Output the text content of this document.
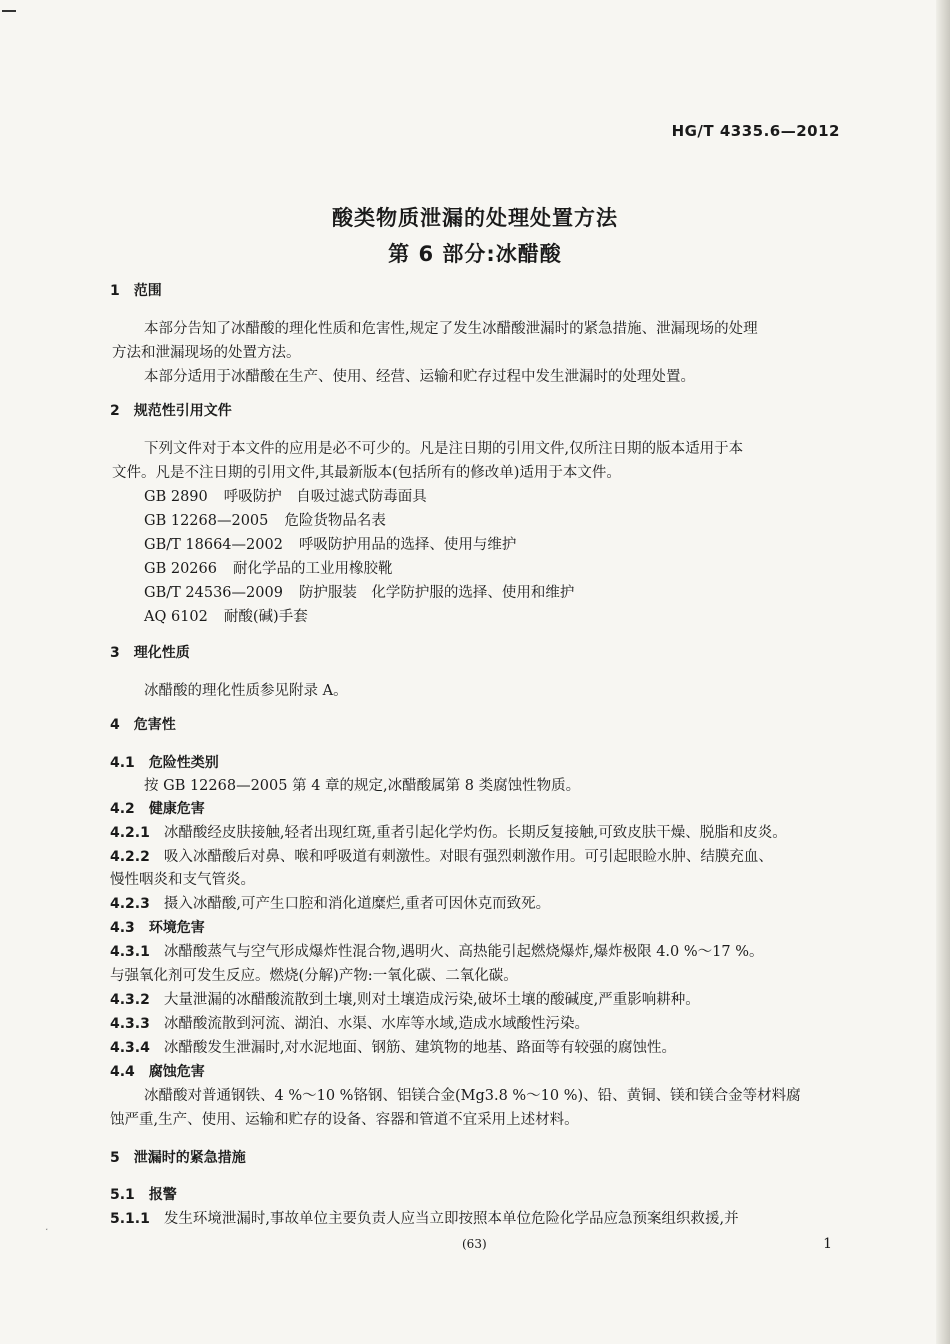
HG/T 4335.6—2012
酸类物质泄漏的处理处置方法
第 6 部分:冰醋酸
1 范围
本部分告知了冰醋酸的理化性质和危害性,规定了发生冰醋酸泄漏时的紧急措施、泄漏现场的处理
方法和泄漏现场的处置方法。
本部分适用于冰醋酸在生产、使用、经营、运输和贮存过程中发生泄漏时的处理处置。
2 规范性引用文件
下列文件对于本文件的应用是必不可少的。凡是注日期的引用文件,仅所注日期的版本适用于本
文件。凡是不注日期的引用文件,其最新版本(包括所有的修改单)适用于本文件。
GB 2890 呼吸防护　自吸过滤式防毒面具
GB 12268—2005 危险货物品名表
GB/T 18664—2002 呼吸防护用品的选择、使用与维护
GB 20266 耐化学品的工业用橡胶靴
GB/T 24536—2009 防护服装　化学防护服的选择、使用和维护
AQ 6102 耐酸(碱)手套
3 理化性质
冰醋酸的理化性质参见附录 A。
4 危害性
4.1 危险性类别
按 GB 12268—2005 第 4 章的规定,冰醋酸属第 8 类腐蚀性物质。
4.2 健康危害
4.2.1 冰醋酸经皮肤接触,轻者出现红斑,重者引起化学灼伤。长期反复接触,可致皮肤干燥、脱脂和皮炎。
4.2.2 吸入冰醋酸后对鼻、喉和呼吸道有刺激性。对眼有强烈刺激作用。可引起眼睑水肿、结膜充血、
慢性咽炎和支气管炎。
4.2.3 摄入冰醋酸,可产生口腔和消化道糜烂,重者可因休克而致死。
4.3 环境危害
4.3.1 冰醋酸蒸气与空气形成爆炸性混合物,遇明火、高热能引起燃烧爆炸,爆炸极限 4.0 %～17 %。
与强氧化剂可发生反应。燃烧(分解)产物:一氧化碳、二氧化碳。
4.3.2 大量泄漏的冰醋酸流散到土壤,则对土壤造成污染,破坏土壤的酸碱度,严重影响耕种。
4.3.3 冰醋酸流散到河流、湖泊、水渠、水库等水域,造成水域酸性污染。
4.3.4 冰醋酸发生泄漏时,对水泥地面、钢筋、建筑物的地基、路面等有较强的腐蚀性。
4.4 腐蚀危害
冰醋酸对普通钢铁、4 %～10 %铬钢、铝镁合金(Mg3.8 %～10 %)、铅、黄铜、镁和镁合金等材料腐
蚀严重,生产、使用、运输和贮存的设备、容器和管道不宜采用上述材料。
5 泄漏时的紧急措施
5.1 报警
5.1.1 发生环境泄漏时,事故单位主要负责人应当立即按照本单位危险化学品应急预案组织救援,并
⸼
(63)	1
